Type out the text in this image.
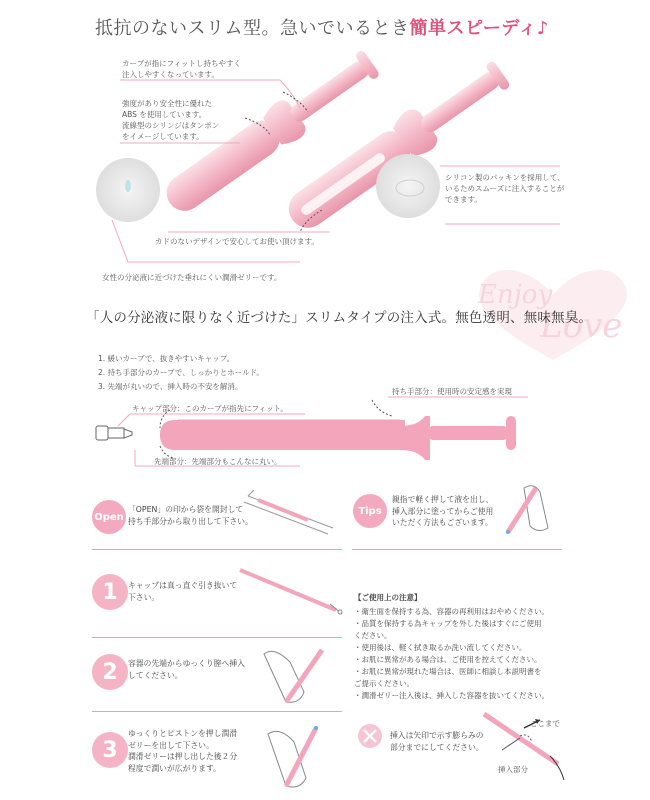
抵抗のないスリム型。急いでいるとき簡単スピーディ♪
カーブが指にフィットし持ちやすく
注入しやすくなっています。
強度があり安全性に優れた
ABS を使用しています。
流線型のシリンジはタンポン
をイメージしています。
シリコン製のパッキンを採用して、
いるためスムーズに注入することが
できます。
カドのないデザインで安心してお使い頂けます。
女性の分泌液に近づけた垂れにくい潤滑ゼリーです。
Enjoy
Love
「人の分泌液に限りなく近づけた」スリムタイプの注入式。無色透明、無味無臭。
1. 緩いカーブで、抜きやすいキャップ。
2. 持ち手部分のカーブで、しっかりとホールド。
3. 先端が丸いので、挿入時の不安を解消。
持ち手部分：使用時の安定感を実現
キャップ部分：このカーブが指先にフィット。
先端部分：先端部分もこんなに丸い。
Open
「OPEN」の印から袋を開封して
持ち手部分から取り出して下さい。
Tips
親指で軽く押して液を出し、
挿入部分に塗ってからご使用
いただく方法もございます。
1	キャップは真っ直ぐ引き抜いて
下さい。
2	容器の先端からゆっくり膣へ挿入
してください。
3
ゆっくりとピストンを押し潤滑
ゼリーを出して下さい。
潤滑ゼリーは押し出した後２分
程度で潤いが広がります。
【ご使用上の注意】
・衛生面を保持する為、容器の再利用はおやめください。
・品質を保持する為キャップを外した後はすぐにご使用
ください。
・使用後は、軽く拭き取るか洗い流してください。
・お肌に異常がある場合は、ご使用を控えてください。
・お肌に異常が現れた場合は、医師に相談し本説明書を
ご提示ください。
・潤滑ゼリー注入後は、挿入した容器を抜いてください。
挿入は矢印で示す膨らみの
部分までにしてください。
ここまで
挿入部分
